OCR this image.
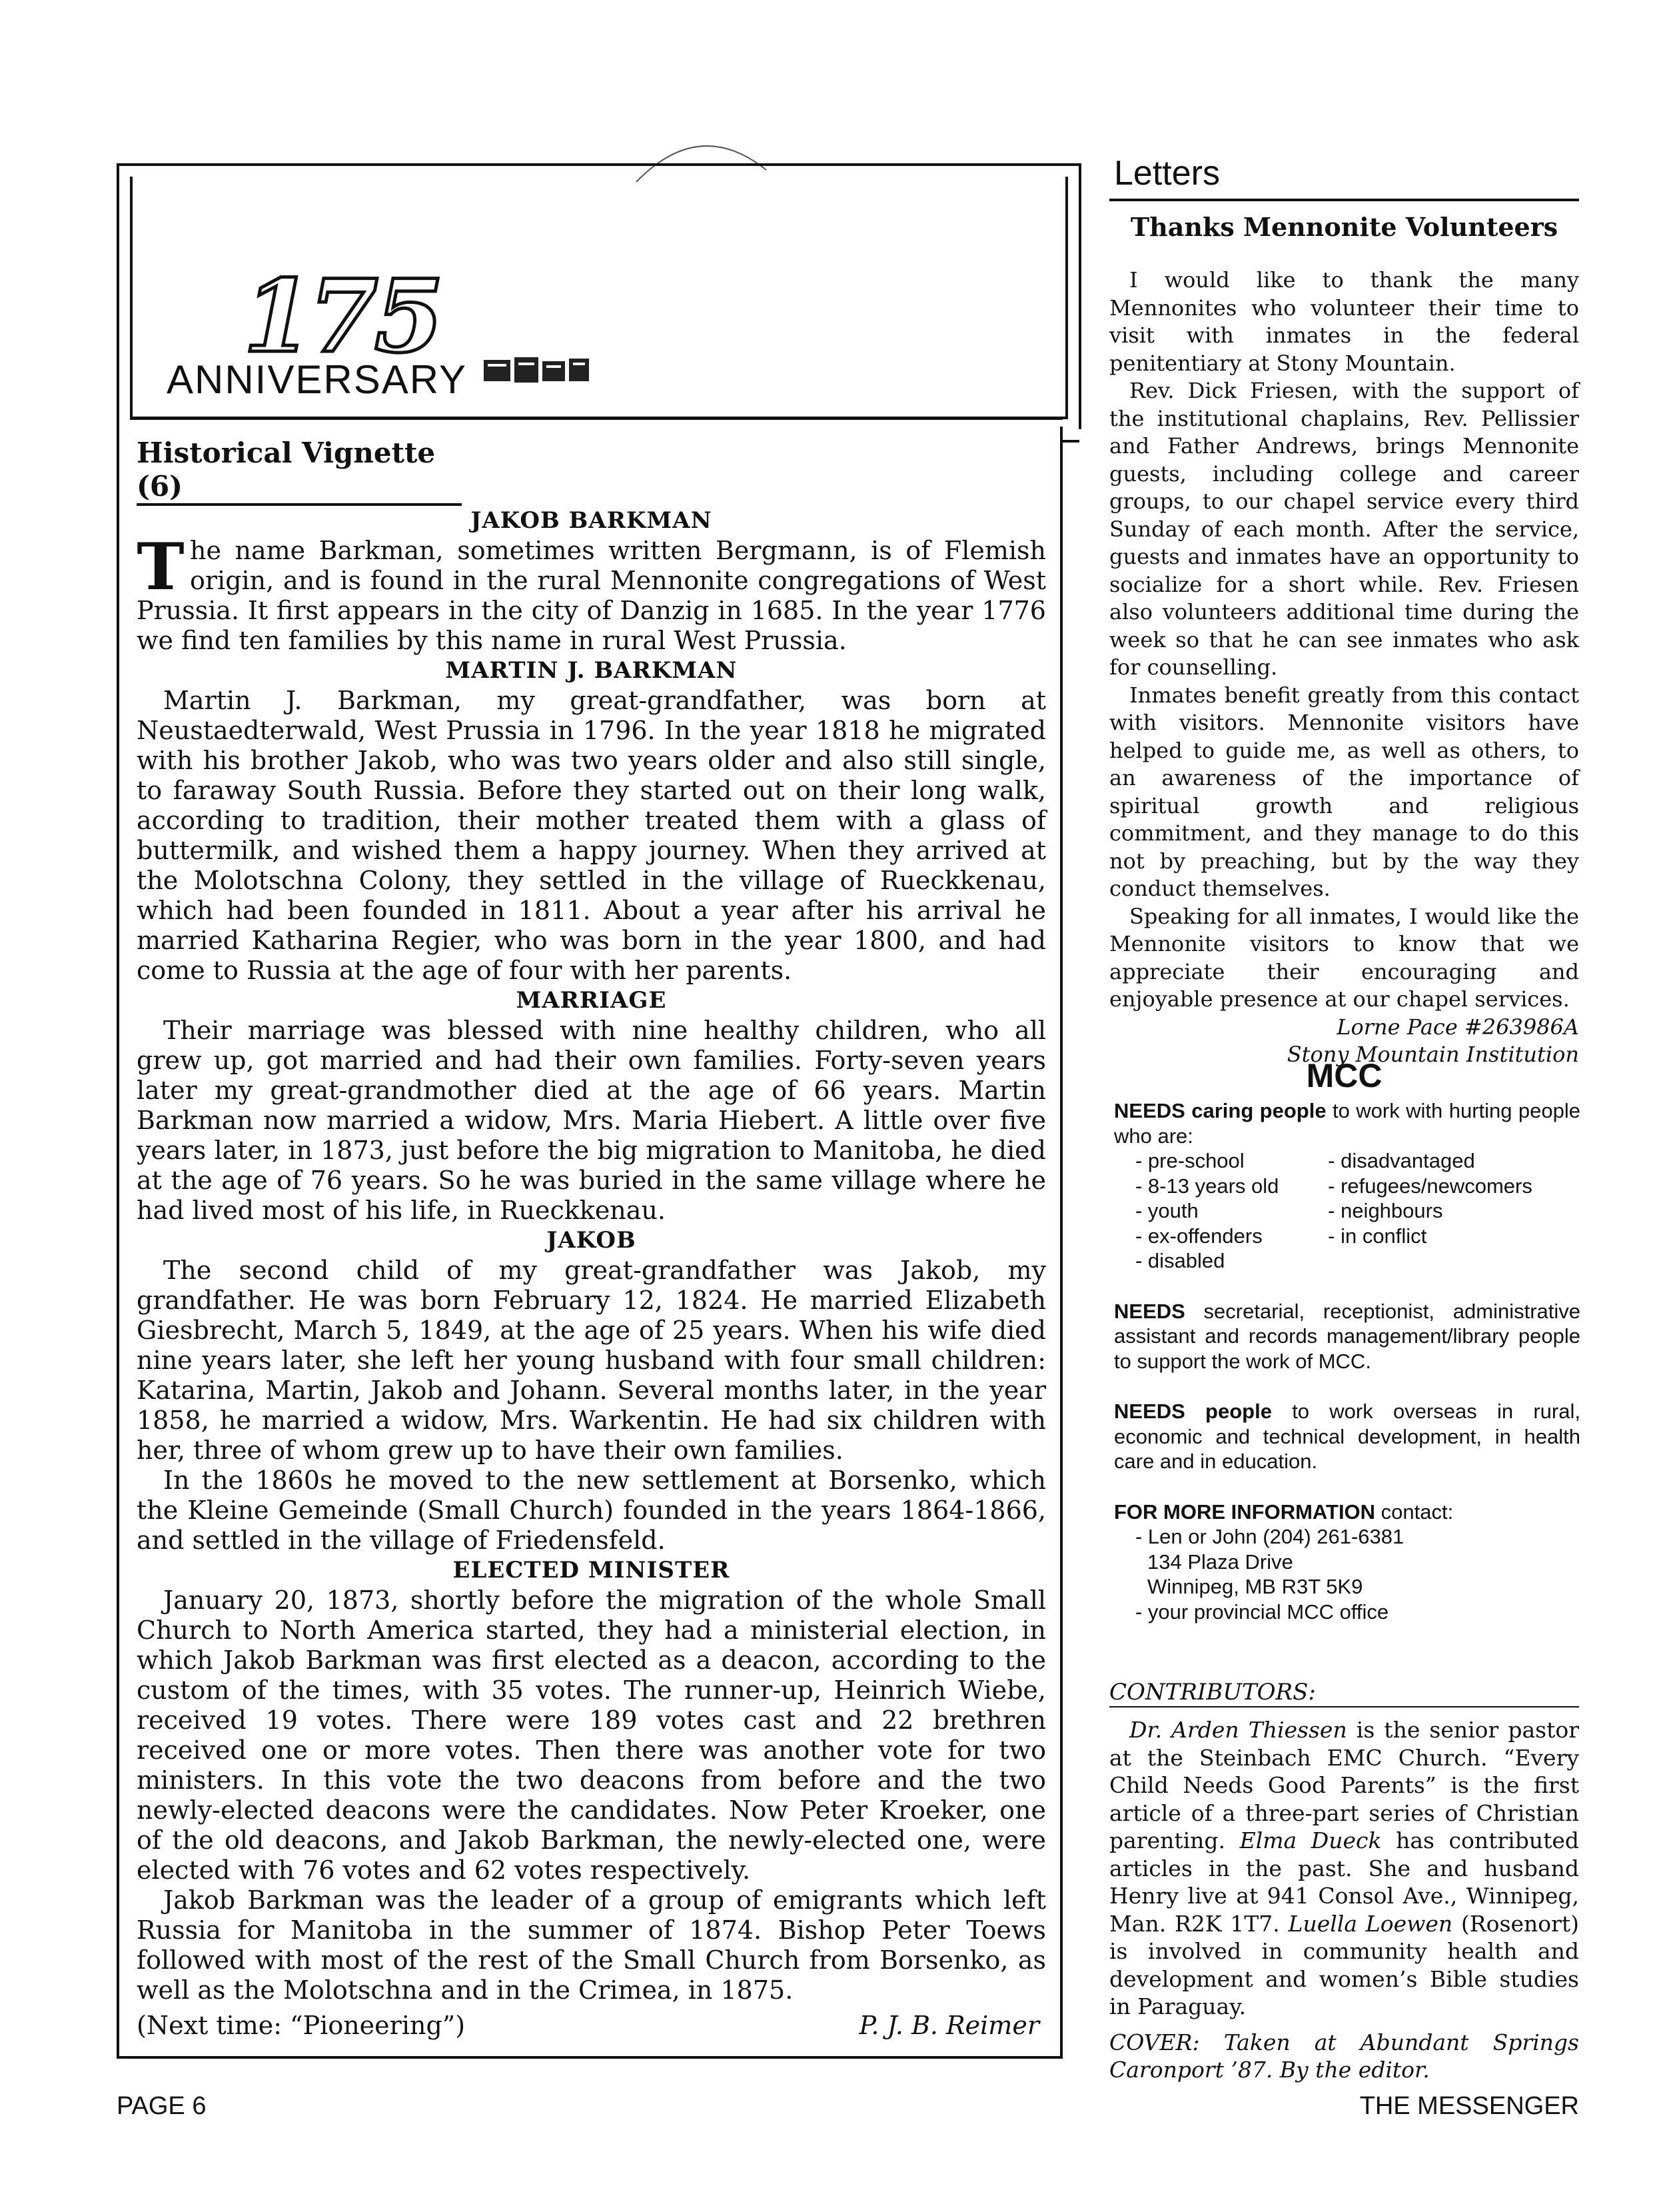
175
ANNIVERSARY
Historical Vignette (6)
JAKOB BARKMAN

The name Barkman, sometimes written Bergmann, is of Flemish origin, and is found in the rural Mennonite congregations of West Prussia. It first appears in the city of Danzig in 1685. In the year 1776 we find ten families by this name in rural West Prussia.

MARTIN J. BARKMAN

Martin J. Barkman, my great-grandfather, was born at Neustaedterwald, West Prussia in 1796. In the year 1818 he migrated with his brother Jakob, who was two years older and also still single, to faraway South Russia. Before they started out on their long walk, according to tradition, their mother treated them with a glass of buttermilk, and wished them a happy journey. When they arrived at the Molotschna Colony, they settled in the village of Rueckkenau, which had been founded in 1811. About a year after his arrival he married Katharina Regier, who was born in the year 1800, and had come to Russia at the age of four with her parents.

MARRIAGE

Their marriage was blessed with nine healthy children, who all grew up, got married and had their own families. Forty-seven years later my great-grandmother died at the age of 66 years. Martin Barkman now married a widow, Mrs. Maria Hiebert. A little over five years later, in 1873, just before the big migration to Manitoba, he died at the age of 76 years. So he was buried in the same village where he had lived most of his life, in Rueckkenau.

JAKOB

The second child of my great-grandfather was Jakob, my grandfather. He was born February 12, 1824. He married Elizabeth Giesbrecht, March 5, 1849, at the age of 25 years. When his wife died nine years later, she left her young husband with four small children: Katarina, Martin, Jakob and Johann. Several months later, in the year 1858, he married a widow, Mrs. Warkentin. He had six children with her, three of whom grew up to have their own families.

In the 1860s he moved to the new settlement at Borsenko, which the Kleine Gemeinde (Small Church) founded in the years 1864-1866, and settled in the village of Friedensfeld.

ELECTED MINISTER

January 20, 1873, shortly before the migration of the whole Small Church to North America started, they had a ministerial election, in which Jakob Barkman was first elected as a deacon, according to the custom of the times, with 35 votes. The runner-up, Heinrich Wiebe, received 19 votes. There were 189 votes cast and 22 brethren received one or more votes. Then there was another vote for two ministers. In this vote the two deacons from before and the two newly-elected deacons were the candidates. Now Peter Kroeker, one of the old deacons, and Jakob Barkman, the newly-elected one, were elected with 76 votes and 62 votes respectively.

Jakob Barkman was the leader of a group of emigrants which left Russia for Manitoba in the summer of 1874. Bishop Peter Toews followed with most of the rest of the Small Church from Borsenko, as well as the Molotschna and in the Crimea, in 1875.

(Next time: “Pioneering”)	P. J. B. Reimer
Letters
Thanks Mennonite Volunteers

I would like to thank the many Mennonites who volunteer their time to visit with inmates in the federal penitentiary at Stony Mountain.

Rev. Dick Friesen, with the support of the institutional chaplains, Rev. Pellissier and Father Andrews, brings Mennonite guests, including college and career groups, to our chapel service every third Sunday of each month. After the service, guests and inmates have an opportunity to socialize for a short while. Rev. Friesen also volunteers additional time during the week so that he can see inmates who ask for counselling.

Inmates benefit greatly from this contact with visitors. Mennonite visitors have helped to guide me, as well as others, to an awareness of the importance of spiritual growth and religious commitment, and they manage to do this not by preaching, but by the way they conduct themselves.

Speaking for all inmates, I would like the Mennonite visitors to know that we appreciate their encouraging and enjoyable presence at our chapel services.

Lorne Pace #263986A

Stony Mountain Institution

MCC

NEEDS caring people to work with hurting people who are:

- pre-school
- 8-13 years old
- youth
- ex-offenders
- disabled
- disadvantaged
- refugees/newcomers
- neighbours
- in conflict

NEEDS secretarial, receptionist, administrative assistant and records management/library people to support the work of MCC.

NEEDS people to work overseas in rural, economic and technical development, in health care and in education.

FOR MORE INFORMATION contact:

- Len or John (204) 261-6381
134 Plaza Drive
Winnipeg, MB R3T 5K9
- your provincial MCC office
CONTRIBUTORS:

Dr. Arden Thiessen is the senior pastor at the Steinbach EMC Church. “Every Child Needs Good Parents” is the first article of a three-part series of Christian parenting. Elma Dueck has contributed articles in the past. She and husband Henry live at 941 Consol Ave., Winnipeg, Man. R2K 1T7. Luella Loewen (Rosenort) is involved in community health and development and women’s Bible studies in Paraguay.

COVER: Taken at Abundant Springs Caronport ’87. By the editor.

PAGE 6	THE MESSENGER
